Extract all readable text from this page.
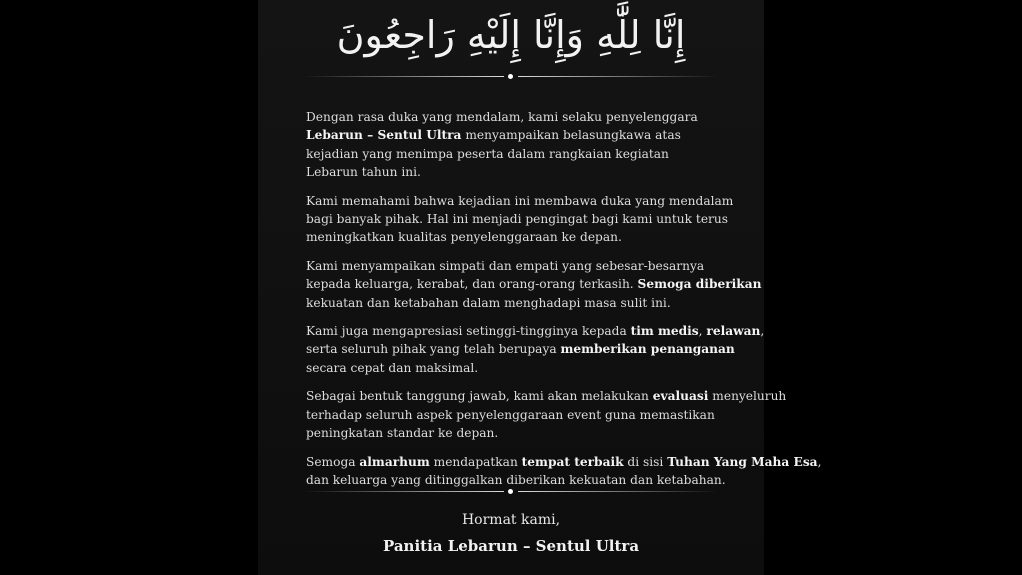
إِنَّا لِلَّٰهِ وَإِنَّا إِلَيْهِ رَاجِعُونَ
Dengan rasa duka yang mendalam, kami selaku penyelenggara
Lebarun – Sentul Ultra menyampaikan belasungkawa atas
kejadian yang menimpa peserta dalam rangkaian kegiatan
Lebarun tahun ini.
Kami memahami bahwa kejadian ini membawa duka yang mendalam
bagi banyak pihak. Hal ini menjadi pengingat bagi kami untuk terus
meningkatkan kualitas penyelenggaraan ke depan.
Kami menyampaikan simpati dan empati yang sebesar-besarnya
kepada keluarga, kerabat, dan orang-orang terkasih. Semoga diberikan
kekuatan dan ketabahan dalam menghadapi masa sulit ini.
Kami juga mengapresiasi setinggi-tingginya kepada tim medis, relawan,
serta seluruh pihak yang telah berupaya memberikan penanganan
secara cepat dan maksimal.
Sebagai bentuk tanggung jawab, kami akan melakukan evaluasi menyeluruh
terhadap seluruh aspek penyelenggaraan event guna memastikan
peningkatan standar ke depan.
Semoga almarhum mendapatkan tempat terbaik di sisi Tuhan Yang Maha Esa,
dan keluarga yang ditinggalkan diberikan kekuatan dan ketabahan.
Hormat kami,
Panitia Lebarun – Sentul Ultra
